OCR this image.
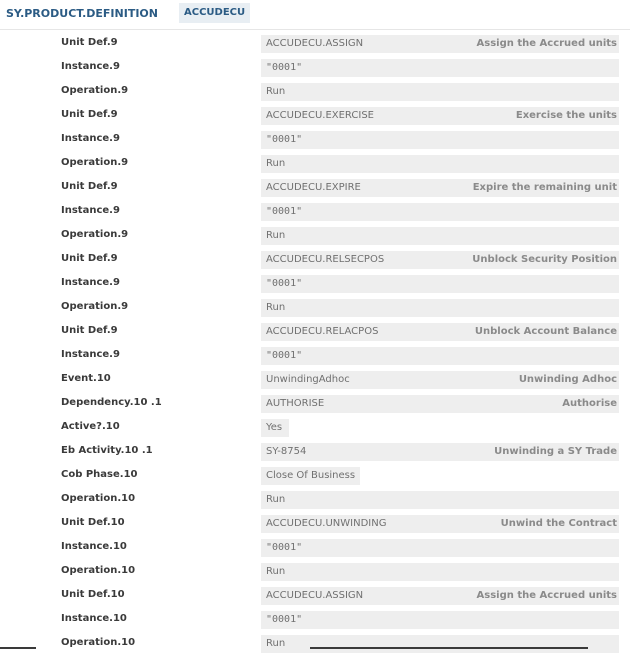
SY.PRODUCT.DEFINITION	ACCUDECU
Unit Def.9	ACCUDECU.ASSIGN	Assign the Accrued units
Instance.9	"0001"
Operation.9	Run
Unit Def.9	ACCUDECU.EXERCISE	Exercise the units
Instance.9	"0001"
Operation.9	Run
Unit Def.9	ACCUDECU.EXPIRE	Expire the remaining unit
Instance.9	"0001"
Operation.9	Run
Unit Def.9	ACCUDECU.RELSECPOS	Unblock Security Position
Instance.9	"0001"
Operation.9	Run
Unit Def.9	ACCUDECU.RELACPOS	Unblock Account Balance
Instance.9	"0001"
Event.10	UnwindingAdhoc	Unwinding Adhoc
Dependency.10 .1	AUTHORISE	Authorise
Active?.10	Yes
Eb Activity.10 .1	SY-8754	Unwinding a SY Trade
Cob Phase.10	Close Of Business
Operation.10	Run
Unit Def.10	ACCUDECU.UNWINDING	Unwind the Contract
Instance.10	"0001"
Operation.10	Run
Unit Def.10	ACCUDECU.ASSIGN	Assign the Accrued units
Instance.10	"0001"
Operation.10	Run
